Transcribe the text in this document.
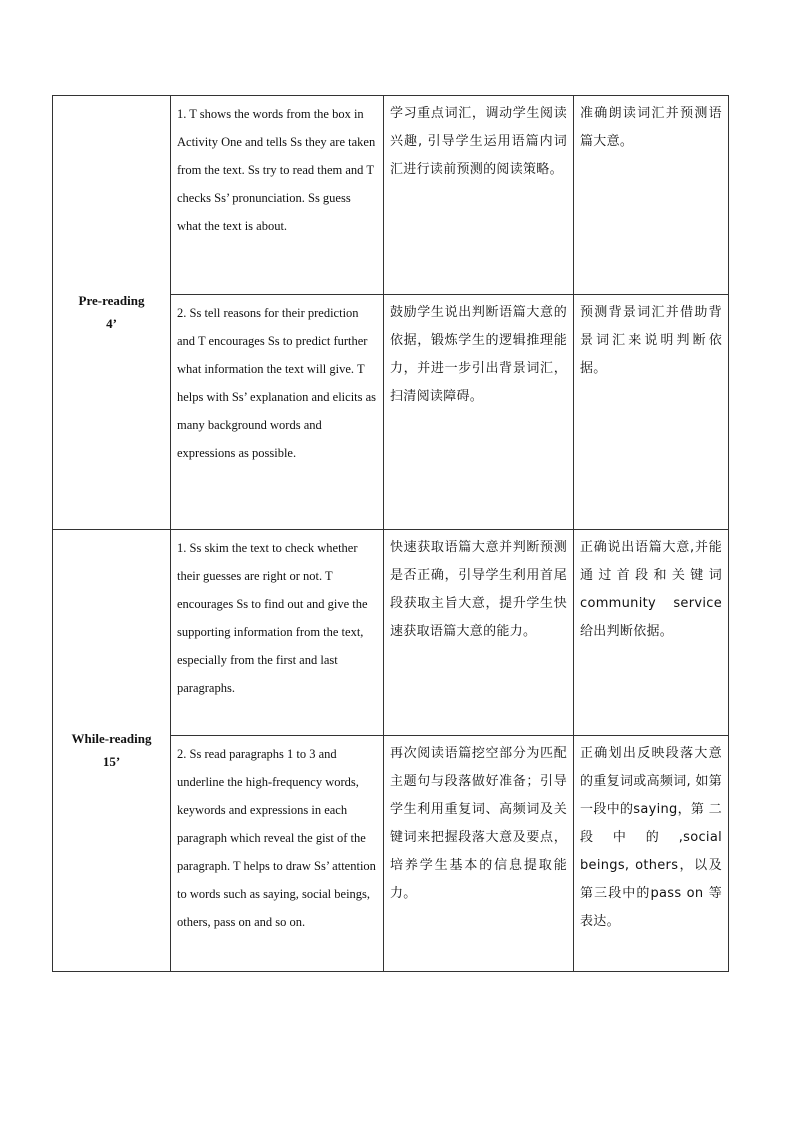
Pre-reading
4’	1. T shows the words from the box in Activity One and tells Ss they are taken from the text. Ss try to read them and T checks Ss’ pronunciation. Ss guess what the text is about.	学习重点词汇，调动学生阅读兴趣, 引导学生运用语篇内词汇进行读前预测的阅读策略。	准确朗读词汇并预测语篇大意。
	2. Ss tell reasons for their prediction and T encourages Ss to predict further what information the text will give. T helps with Ss’ explanation and elicits as many background words and expressions as possible.	鼓励学生说出判断语篇大意的依据，锻炼学生的逻辑推理能力，并进一步引出背景词汇，扫清阅读障碍。	预测背景词汇并借助背景词汇来说明判断依据。

While-reading
15’	1. Ss skim the text to check whether their guesses are right or not. T encourages Ss to find out and give the supporting information from the text, especially from the first and last paragraphs.	快速获取语篇大意并判断预测是否正确，引导学生利用首尾段获取主旨大意，提升学生快速获取语篇大意的能力。	正确说出语篇大意,并能通过首段和关键词 community service 给出判断依据。
	2. Ss read paragraphs 1 to 3 and underline the high-frequency words, keywords and expressions in each paragraph which reveal the gist of the paragraph. T helps to draw Ss’ attention to words such as saying, social beings, others, pass on and so on.	再次阅读语篇挖空部分为匹配主题句与段落做好准备；引导学生利用重复词、高频词及关键词来把握段落大意及要点，培养学生基本的信息提取能力。	正确划出反映段落大意的重复词或高频词, 如第一段中的saying，第 二 段 中 的 ,social beings, others，以及第三段中的pass on 等表达。
